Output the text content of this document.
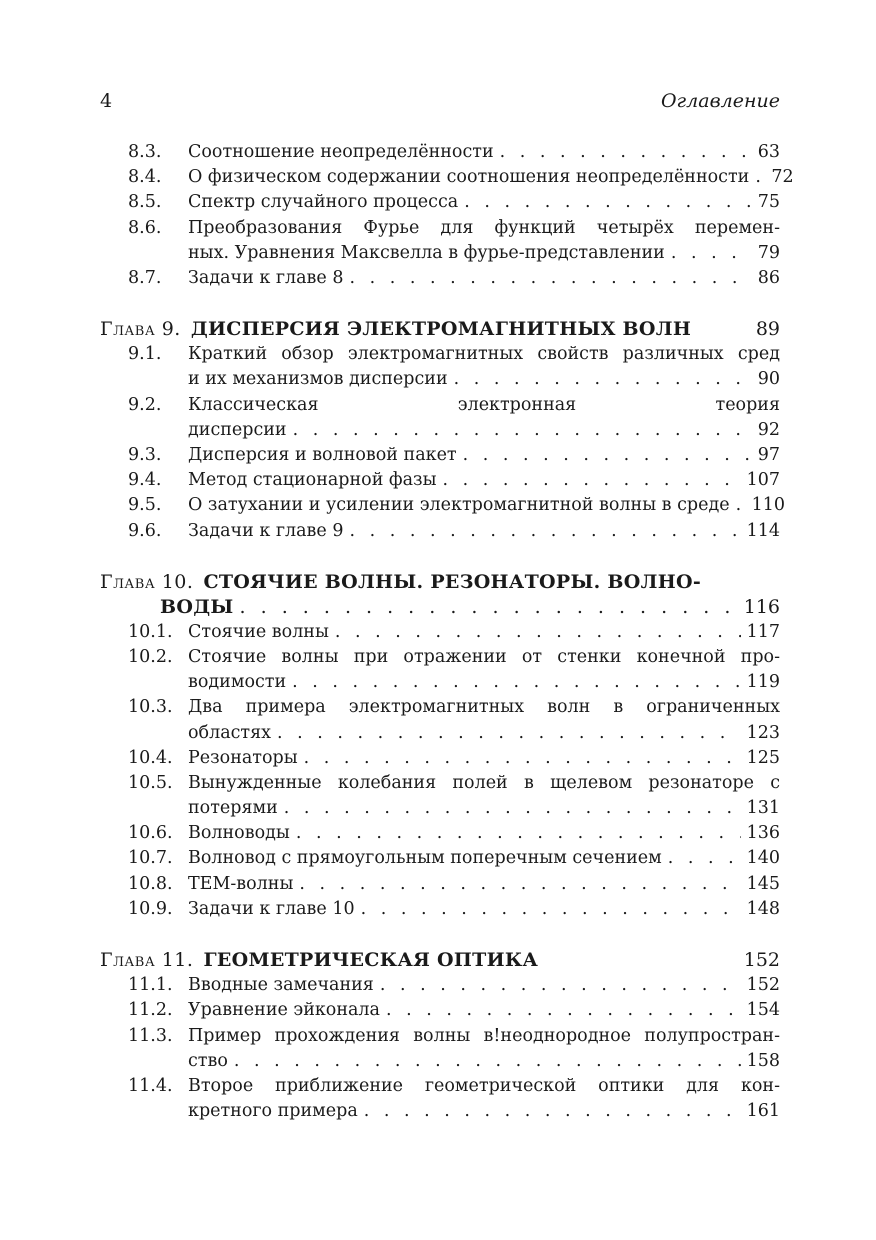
4	Оглавление
8.3.	Соотношение неопределённости . . .	63
8.4.	О физическом содержании соотношения неопределённости . . . 72
8.5.	Спектр случайного процесса . . .	75
8.6.	Преобразования Фурье для функций четырёх перемен-
ных. Уравнения Максвелла в фурье-представлении . . .	79
8.7.	Задачи к главе 8 . . .	86
Глава 9. ДИСПЕРСИЯ ЭЛЕКТРОМАГНИТНЫХ ВОЛН	89
9.1.	Краткий обзор электромагнитных свойств различных сред
и их механизмов дисперсии . . .	90
9.2.	Классическая электронная теория
дисперсии . . .	92
9.3.	Дисперсия и волновой пакет . . .	97
9.4.	Метод стационарной фазы . . .	107
9.5.	О затухании и усилении электромагнитной волны в среде . . . 110
9.6.	Задачи к главе 9 . . .	114
Глава 10. СТОЯЧИЕ ВОЛНЫ. РЕЗОНАТОРЫ. ВОЛНО-
ВОДЫ . . .	116
10.1. Стоячие волны . . .	117
10.2. Стоячие волны при отражении от стенки конечной про-
водимости . . .	119
10.3. Два примера электромагнитных волн в ограниченных
областях . . .	123
10.4. Резонаторы . . .	125
10.5. Вынужденные колебания полей в щелевом резонаторе с
потерями . . .	131
10.6. Волноводы . . .	136
10.7. Волновод с прямоугольным поперечным сечением . . .	140
10.8. ТЕМ-волны . . .	145
10.9. Задачи к главе 10 . . .	148
Глава 11. ГЕОМЕТРИЧЕСКАЯ ОПТИКА	152
11.1. Вводные замечания . . .	152
11.2. Уравнение эйконала . . .	154
11.3. Пример прохождения волны в!неоднородное полупростран-
ство . . .	158
11.4. Второе приближение геометрической оптики для кон-
кретного примера . . .	161
